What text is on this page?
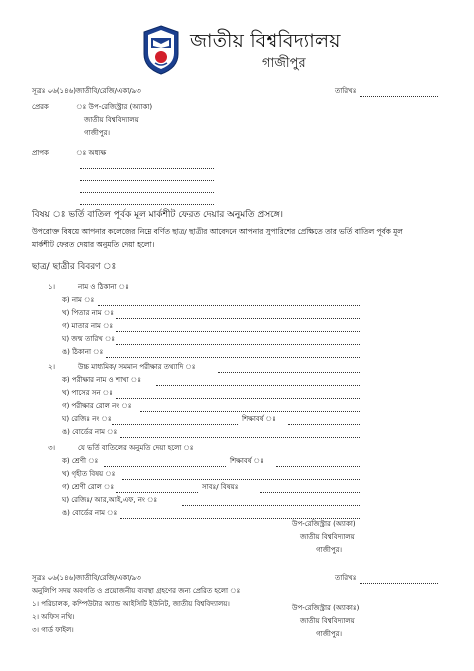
জাতীয় বিশ্ববিদ্যালয়
গাজীপুর
সূত্রঃ ০৬(১৪৬)জাতীবি/রেজি/একা/৯৩	তারিখঃ
প্রেরক	ঃ উপ-রেজিস্ট্রার (অ্যাকা)
জাতীয় বিশ্ববিদ্যালয়
গাজীপুর।
প্রাপক	ঃ অধ্যক্ষ
বিষয় ঃ ভর্তি বাতিল পূর্বক মূল মার্কশীট ফেরত দেয়ার অনুমতি প্রসঙ্গে।
উপরোক্ত বিষয়ে আপনার কলেজের নিম্নে বর্ণিত ছাত্র/ ছাত্রীর আবেদনে আপনার সুপারিশের প্রেক্ষিতে তার ভর্তি বাতিল পূর্বক মূল
মার্কশীট ফেরত দেয়ার অনুমতি দেয়া হলো।
ছাত্র/ ছাত্রীর বিবরণ ঃ
১।	নাম ও ঠিকানা ঃ
ক) নাম ঃ
খ) পিতার নাম ঃ
গ) মাতার নাম ঃ
ঘ) জন্ম তারিখ ঃ
ঙ) ঠিকানা ঃ
২।	উচ্চ মাধ্যমিক/ সমমান পরীক্ষার তথ্যাদি ঃ
ক) পরীক্ষার নাম ও শাখা ঃ
খ) পাসের সন ঃ
গ) পরীক্ষার রোল নং ঃ
ঘ) রেজিঃ নং ঃ	শিক্ষাবর্ষ ঃ
ঙ) বোর্ডের নাম ঃ
৩।	যে ভর্তি বাতিলের অনুমতি দেয়া হলো ঃ
ক) শ্রেণী ঃ	শিক্ষাবর্ষ ঃ
খ) গৃহীত বিষয় ঃ
গ) শ্রেণী রোল ঃ	সাবঃ/ বিষয়ঃ
ঘ) রেজিঃ/ আর,আই,এফ, নং ঃ
ঙ) বোর্ডের নাম ঃ
উপ-রেজিস্ট্রার (অ্যাকা)
জাতীয় বিশ্ববিদ্যালয়
গাজীপুর।
সূত্রঃ ০৬(১৪৬)জাতীবি/রেজি/একা/৯৩	তারিখঃ
অনুলিপি সদয় অবগতি ও প্রয়োজনীয় ব্যবস্থা গ্রহণের জন্য প্রেরিত হলো ঃ
১। পরিচালক, কম্পিউটার অ্যান্ড আইসিটি ইউনিট, জাতীয় বিশ্ববিদ্যালয়।
২। অফিস নথি।
৩। গার্ড ফাইল।
উপ-রেজিস্ট্রার (অ্যাকাঃ)
জাতীয় বিশ্ববিদ্যালয়
গাজীপুর।
